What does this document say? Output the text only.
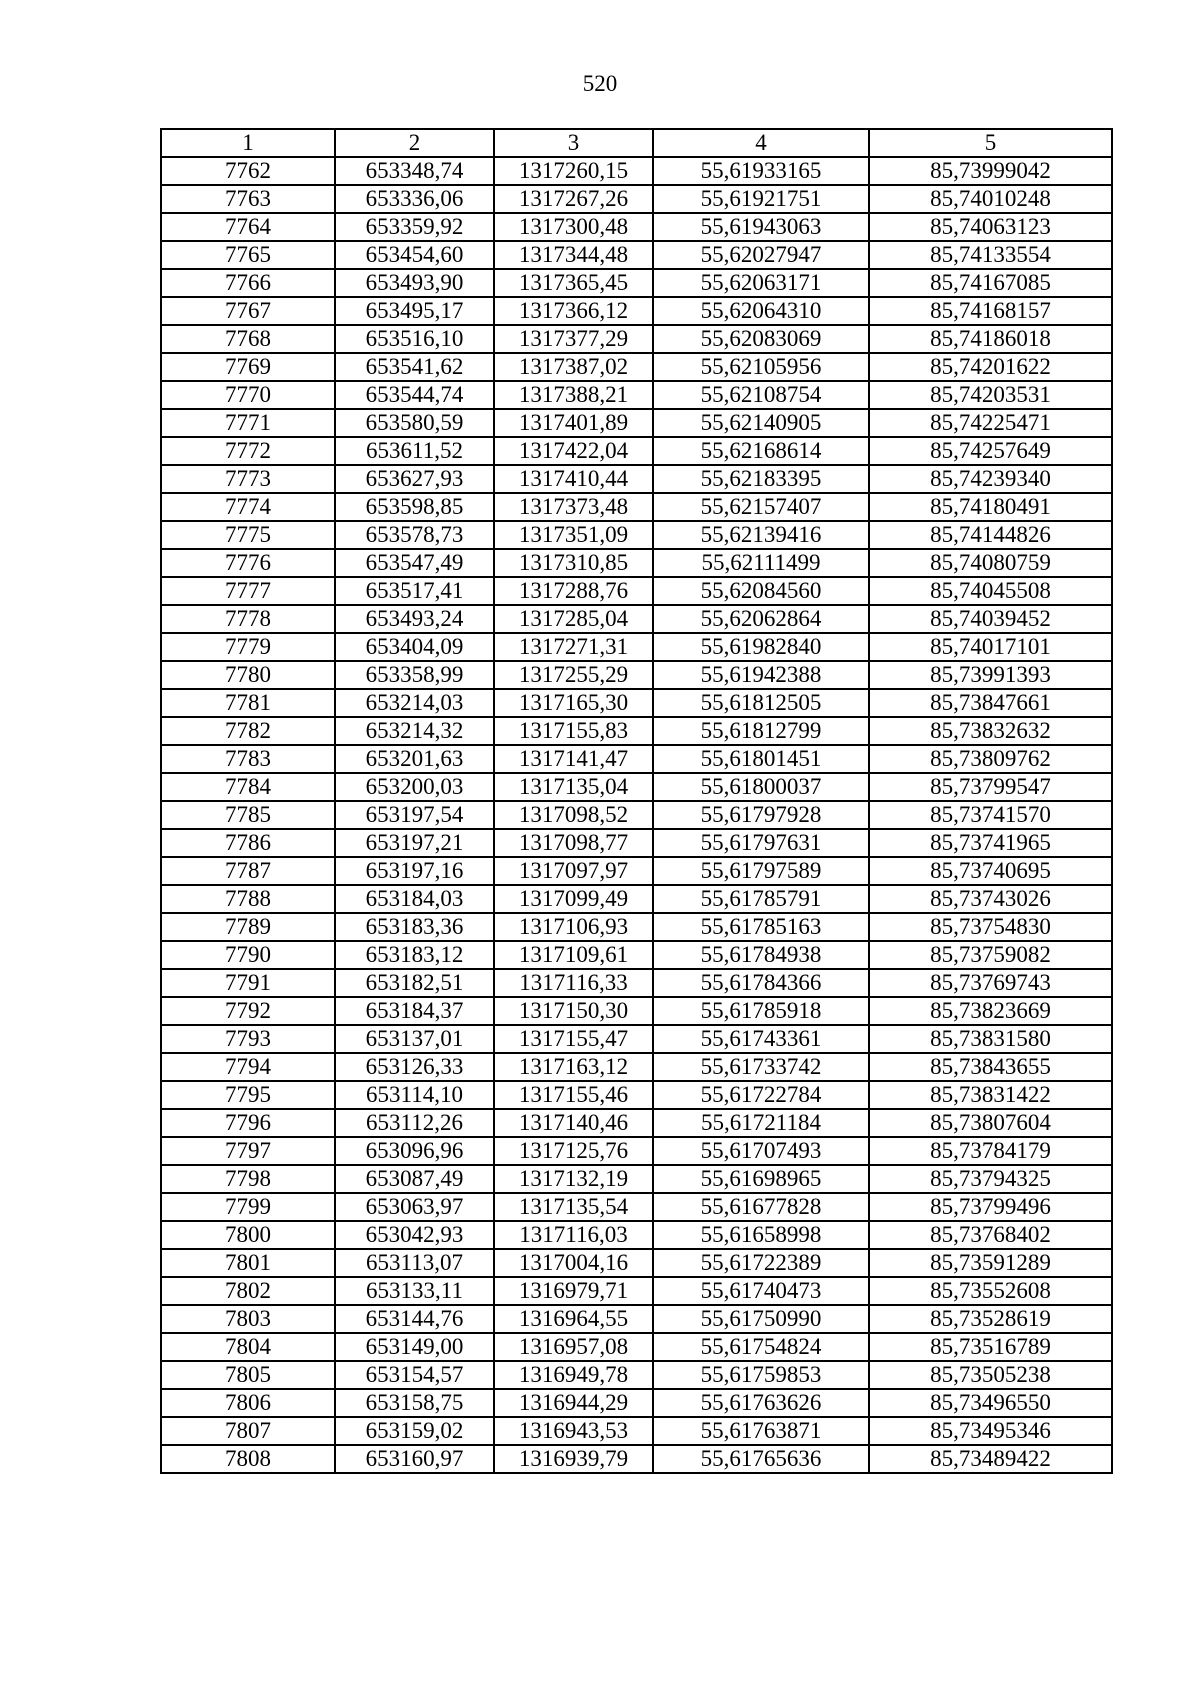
520
1	2	3	4	5
7762	653348,74	1317260,15	55,61933165	85,73999042
7763	653336,06	1317267,26	55,61921751	85,74010248
7764	653359,92	1317300,48	55,61943063	85,74063123
7765	653454,60	1317344,48	55,62027947	85,74133554
7766	653493,90	1317365,45	55,62063171	85,74167085
7767	653495,17	1317366,12	55,62064310	85,74168157
7768	653516,10	1317377,29	55,62083069	85,74186018
7769	653541,62	1317387,02	55,62105956	85,74201622
7770	653544,74	1317388,21	55,62108754	85,74203531
7771	653580,59	1317401,89	55,62140905	85,74225471
7772	653611,52	1317422,04	55,62168614	85,74257649
7773	653627,93	1317410,44	55,62183395	85,74239340
7774	653598,85	1317373,48	55,62157407	85,74180491
7775	653578,73	1317351,09	55,62139416	85,74144826
7776	653547,49	1317310,85	55,62111499	85,74080759
7777	653517,41	1317288,76	55,62084560	85,74045508
7778	653493,24	1317285,04	55,62062864	85,74039452
7779	653404,09	1317271,31	55,61982840	85,74017101
7780	653358,99	1317255,29	55,61942388	85,73991393
7781	653214,03	1317165,30	55,61812505	85,73847661
7782	653214,32	1317155,83	55,61812799	85,73832632
7783	653201,63	1317141,47	55,61801451	85,73809762
7784	653200,03	1317135,04	55,61800037	85,73799547
7785	653197,54	1317098,52	55,61797928	85,73741570
7786	653197,21	1317098,77	55,61797631	85,73741965
7787	653197,16	1317097,97	55,61797589	85,73740695
7788	653184,03	1317099,49	55,61785791	85,73743026
7789	653183,36	1317106,93	55,61785163	85,73754830
7790	653183,12	1317109,61	55,61784938	85,73759082
7791	653182,51	1317116,33	55,61784366	85,73769743
7792	653184,37	1317150,30	55,61785918	85,73823669
7793	653137,01	1317155,47	55,61743361	85,73831580
7794	653126,33	1317163,12	55,61733742	85,73843655
7795	653114,10	1317155,46	55,61722784	85,73831422
7796	653112,26	1317140,46	55,61721184	85,73807604
7797	653096,96	1317125,76	55,61707493	85,73784179
7798	653087,49	1317132,19	55,61698965	85,73794325
7799	653063,97	1317135,54	55,61677828	85,73799496
7800	653042,93	1317116,03	55,61658998	85,73768402
7801	653113,07	1317004,16	55,61722389	85,73591289
7802	653133,11	1316979,71	55,61740473	85,73552608
7803	653144,76	1316964,55	55,61750990	85,73528619
7804	653149,00	1316957,08	55,61754824	85,73516789
7805	653154,57	1316949,78	55,61759853	85,73505238
7806	653158,75	1316944,29	55,61763626	85,73496550
7807	653159,02	1316943,53	55,61763871	85,73495346
7808	653160,97	1316939,79	55,61765636	85,73489422
